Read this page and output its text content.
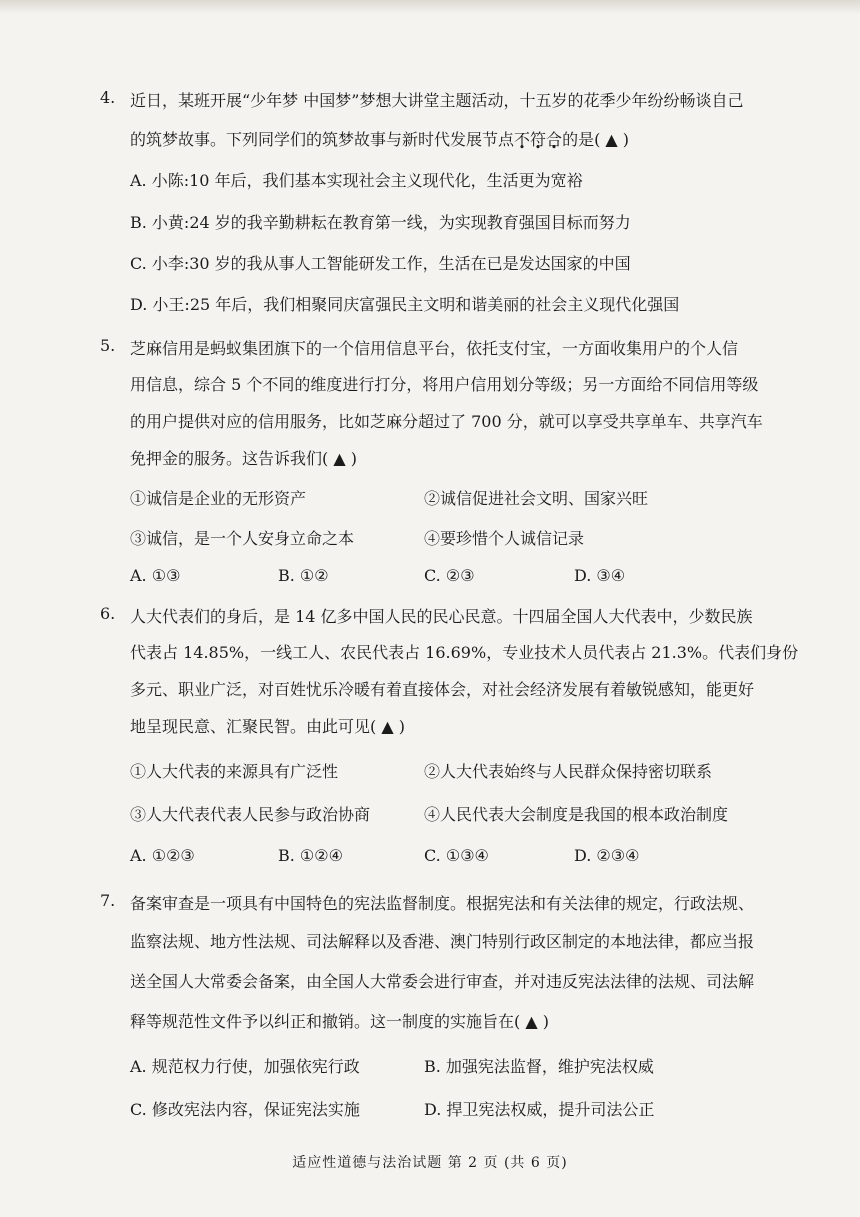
4. 近日，某班开展“少年梦 中国梦”梦想大讲堂主题活动，十五岁的花季少年纷纷畅谈自己
的筑梦故事。下列同学们的筑梦故事与新时代发展节点不符合的是( ▲ )
A. 小陈:10 年后，我们基本实现社会主义现代化，生活更为宽裕
B. 小黄:24 岁的我辛勤耕耘在教育第一线，为实现教育强国目标而努力
C. 小李:30 岁的我从事人工智能研发工作，生活在已是发达国家的中国
D. 小王:25 年后，我们相聚同庆富强民主文明和谐美丽的社会主义现代化强国
5. 芝麻信用是蚂蚁集团旗下的一个信用信息平台，依托支付宝，一方面收集用户的个人信
用信息，综合 5 个不同的维度进行打分，将用户信用划分等级；另一方面给不同信用等级
的用户提供对应的信用服务，比如芝麻分超过了 700 分，就可以享受共享单车、共享汽车
免押金的服务。这告诉我们( ▲ )
①诚信是企业的无形资产	②诚信促进社会文明、国家兴旺
③诚信，是一个人安身立命之本	④要珍惜个人诚信记录
A. ①③	B. ①②	C. ②③	D. ③④
6. 人大代表们的身后，是 14 亿多中国人民的民心民意。十四届全国人大代表中，少数民族
代表占 14.85%，一线工人、农民代表占 16.69%，专业技术人员代表占 21.3%。代表们身份
多元、职业广泛，对百姓忧乐冷暖有着直接体会，对社会经济发展有着敏锐感知，能更好
地呈现民意、汇聚民智。由此可见( ▲ )
①人大代表的来源具有广泛性	②人大代表始终与人民群众保持密切联系
③人大代表代表人民参与政治协商	④人民代表大会制度是我国的根本政治制度
A. ①②③	B. ①②④	C. ①③④	D. ②③④
7. 备案审查是一项具有中国特色的宪法监督制度。根据宪法和有关法律的规定，行政法规、
监察法规、地方性法规、司法解释以及香港、澳门特别行政区制定的本地法律，都应当报
送全国人大常委会备案，由全国人大常委会进行审查，并对违反宪法法律的法规、司法解
释等规范性文件予以纠正和撤销。这一制度的实施旨在( ▲ )
A. 规范权力行使，加强依宪行政	B. 加强宪法监督，维护宪法权威
C. 修改宪法内容，保证宪法实施	D. 捍卫宪法权威，提升司法公正
适应性道德与法治试题 第 2 页 (共 6 页)
